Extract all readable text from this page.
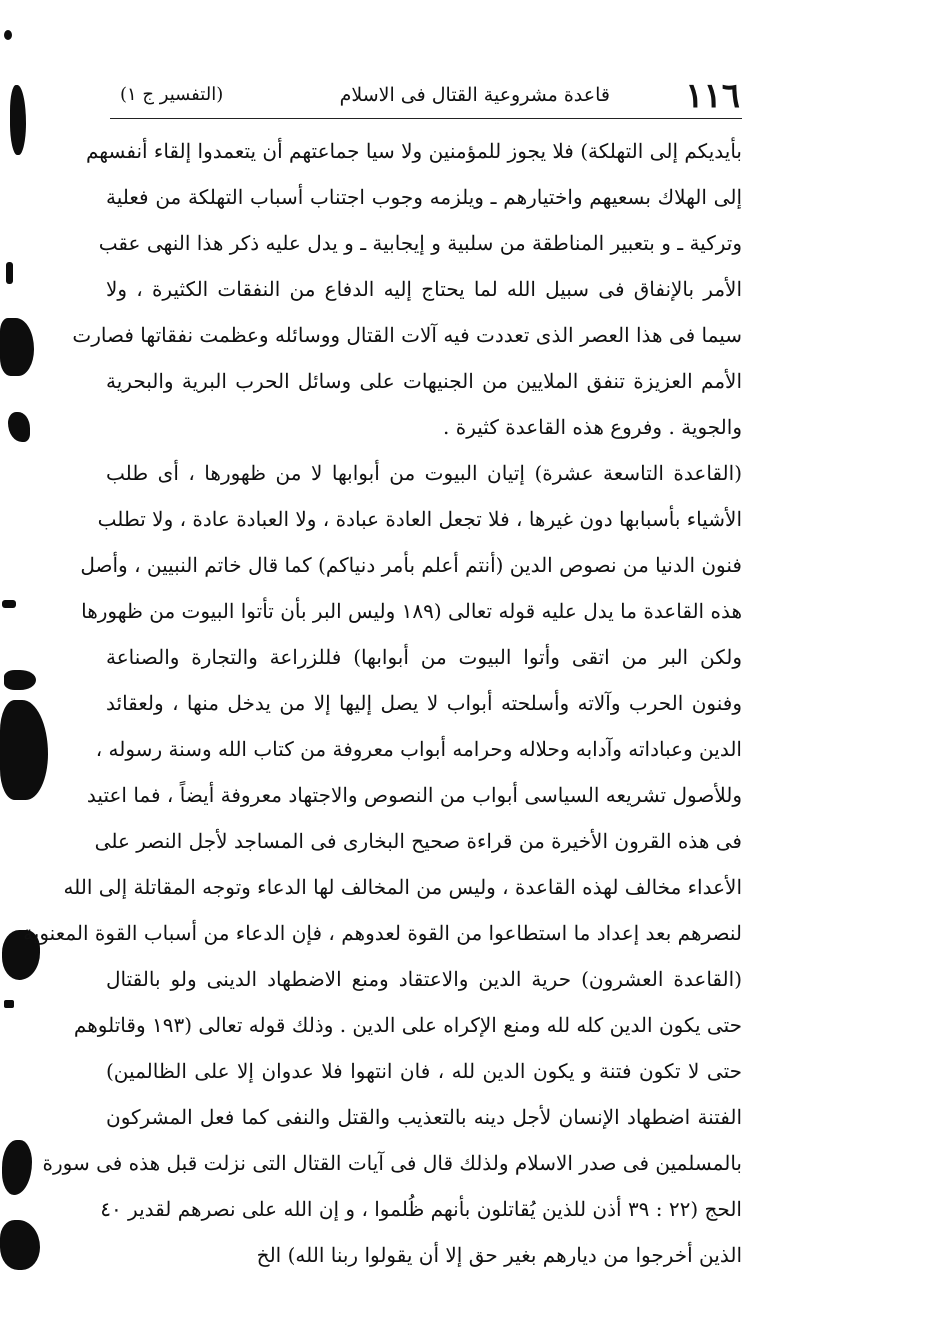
١١٦
قاعدة مشروعية القتال فى الاسلام
(التفسير ج ١)
بأيديكم إلى التهلكة) فلا يجوز للمؤمنين ولا سيا جماعتهم أن يتعمدوا إلقاء أنفسهم
إلى الهلاك بسعيهم واختيارهم ـ ويلزمه وجوب اجتناب أسباب التهلكة من فعلية
وتركية ـ و بتعبير المناطقة من سلبية و إيجابية ـ و يدل عليه ذكر هذا النهى عقب
الأمر بالإنفاق فى سبيل الله لما يحتاج إليه الدفاع من النفقات الكثيرة ، ولا
سيما فى هذا العصر الذى تعددت فيه آلات القتال ووسائله وعظمت نفقاتها فصارت
الأمم العزيزة تنفق الملايين من الجنيهات على وسائل الحرب البرية والبحرية
والجوية . وفروع هذه القاعدة كثيرة .
(القاعدة التاسعة عشرة) إتيان البيوت من أبوابها لا من ظهورها ، أى طلب
الأشياء بأسبابها دون غيرها ، فلا تجعل العادة عبادة ، ولا العبادة عادة ، ولا تطلب
فنون الدنيا من نصوص الدين (أنتم أعلم بأمر دنياكم) كما قال خاتم النبيين ، وأصل
هذه القاعدة ما يدل عليه قوله تعالى (١٨٩ وليس البر بأن تأتوا البيوت من ظهورها
ولكن البر من اتقى وأتوا البيوت من أبوابها) فللزراعة والتجارة والصناعة
وفنون الحرب وآلاته وأسلحته أبواب لا يصل إليها إلا من يدخل منها ، ولعقائد
الدين وعباداته وآدابه وحلاله وحرامه أبواب معروفة من كتاب الله وسنة رسوله ،
وللأصول تشريعه السياسى أبواب من النصوص والاجتهاد معروفة أيضاً ، فما اعتيد
فى هذه القرون الأخيرة من قراءة صحيح البخارى فى المساجد لأجل النصر على
الأعداء مخالف لهذه القاعدة ، وليس من المخالف لها الدعاء وتوجه المقاتلة إلى الله
لنصرهم بعد إعداد ما استطاعوا من القوة لعدوهم ، فإن الدعاء من أسباب القوة المعنوية
(القاعدة العشرون) حرية الدين والاعتقاد ومنع الاضطهاد الدينى ولو بالقتال
حتى يكون الدين كله لله ومنع الإكراه على الدين . وذلك قوله تعالى (١٩٣ وقاتلوهم
حتى لا تكون فتنة و يكون الدين لله ، فان انتهوا فلا عدوان إلا على الظالمين)
الفتنة اضطهاد الإنسان لأجل دينه بالتعذيب والقتل والنفى كما فعل المشركون
بالمسلمين فى صدر الاسلام ولذلك قال فى آيات القتال التى نزلت قبل هذه فى سورة
الحج (٢٢ : ٣٩ أذن للذين يُقاتلون بأنهم ظُلموا ، و إن الله على نصرهم لقدير ٤٠
الذين أخرجوا من ديارهم بغير حق إلا أن يقولوا ربنا الله) الخ
